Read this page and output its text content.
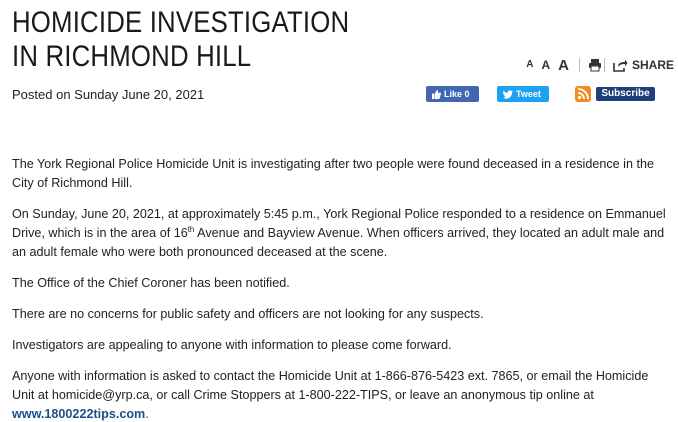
HOMICIDE INVESTIGATION IN RICHMOND HILL	A A A	SHARE
Posted on Sunday June 20, 2021	Like 0	Tweet	Subscribe

The York Regional Police Homicide Unit is investigating after two people were found deceased in a residence in the City of Richmond Hill.

On Sunday, June 20, 2021, at approximately 5:45 p.m., York Regional Police responded to a residence on Emmanuel Drive, which is in the area of 16th Avenue and Bayview Avenue. When officers arrived, they located an adult male and an adult female who were both pronounced deceased at the scene.

The Office of the Chief Coroner has been notified.

There are no concerns for public safety and officers are not looking for any suspects.

Investigators are appealing to anyone with information to please come forward.

Anyone with information is asked to contact the Homicide Unit at 1-866-876-5423 ext. 7865, or email the Homicide Unit at homicide@yrp.ca, or call Crime Stoppers at 1-800-222-TIPS, or leave an anonymous tip online at
www.1800222tips.com.
